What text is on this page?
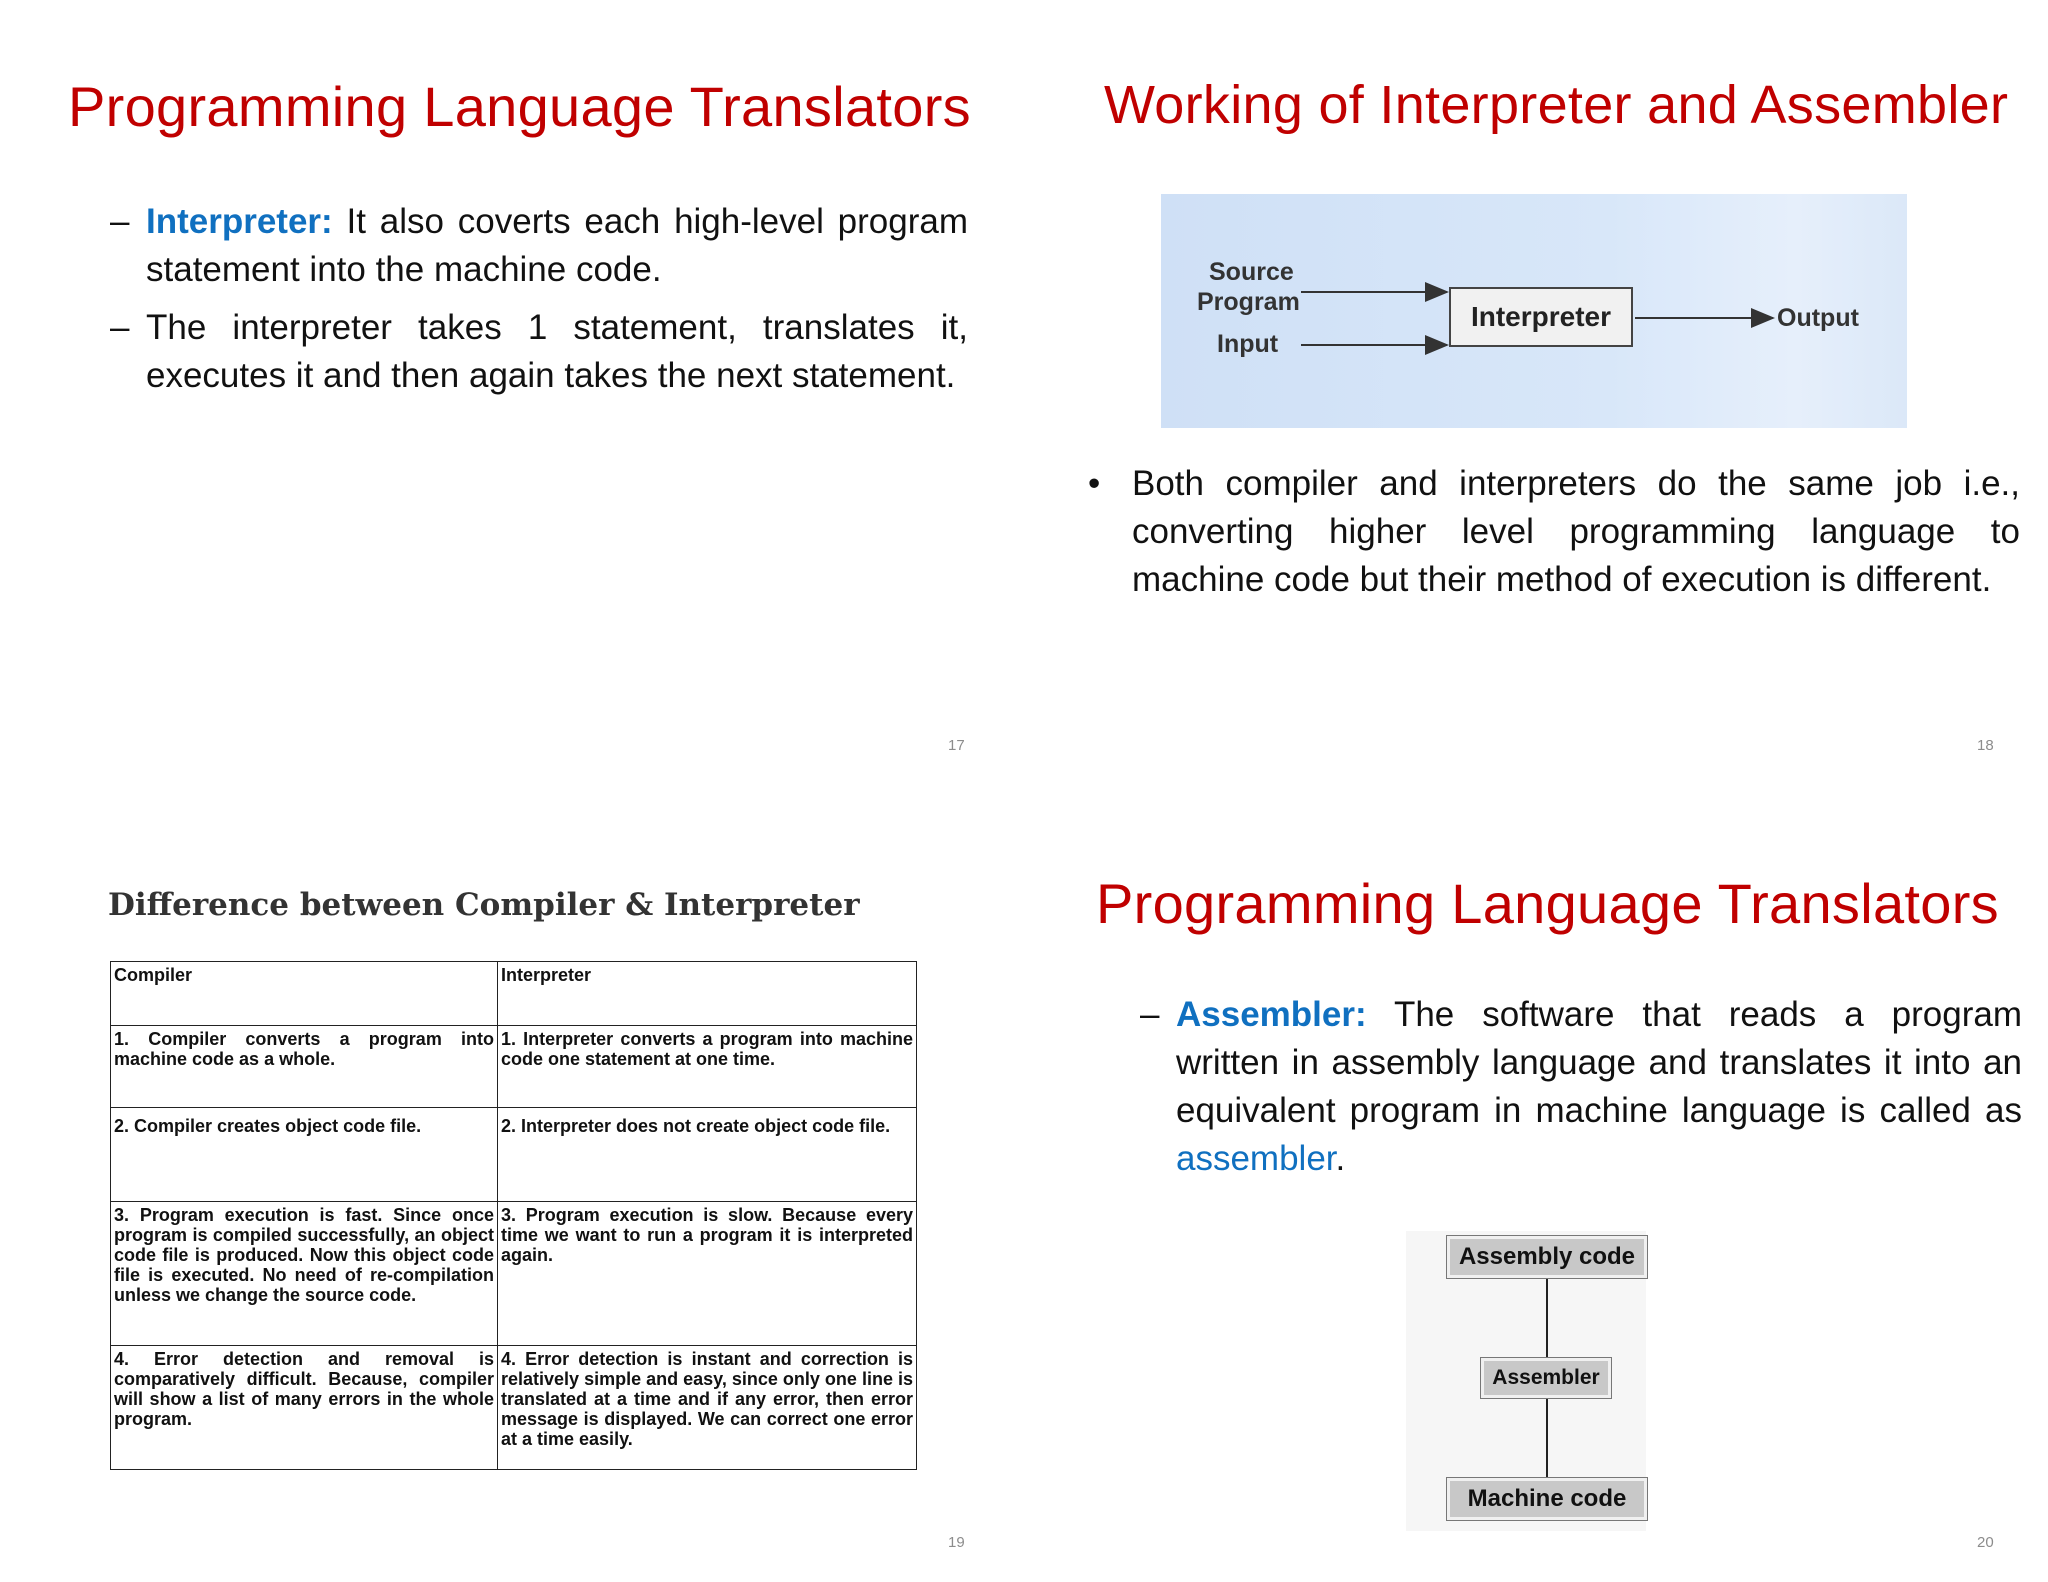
Programming Language Translators
– Interpreter: It also coverts each high-level program statement into the machine code.
– The interpreter takes 1 statement, translates it, executes it and then again takes the next statement.
17
Working of Interpreter and Assembler
Source
Program
Input
Interpreter	Output
• Both compiler and interpreters do the same job i.e., converting higher level programming language to machine code but their method of execution is different.
18
Difference between Compiler & Interpreter
Compiler	Interpreter
1. Compiler converts a program into machine code as a whole.	1. Interpreter converts a program into machine code one statement at one time.
2. Compiler creates object code file.	2. Interpreter does not create object code file.
3. Program execution is fast. Since once program is compiled successfully, an object code file is produced. Now this object code file is executed. No need of re-compilation unless we change the source code.	3. Program execution is slow. Because every time we want to run a program it is interpreted again.
4. Error detection and removal is comparatively difficult. Because, compiler will show a list of many errors in the whole program.	4. Error detection is instant and correction is relatively simple and easy, since only one line is translated at a time and if any error, then error message is displayed. We can correct one error at a time easily.
19
Programming Language Translators
– Assembler: The software that reads a program written in assembly language and translates it into an equivalent program in machine language is called as assembler.
Assembly code
Assembler
Machine code
20
